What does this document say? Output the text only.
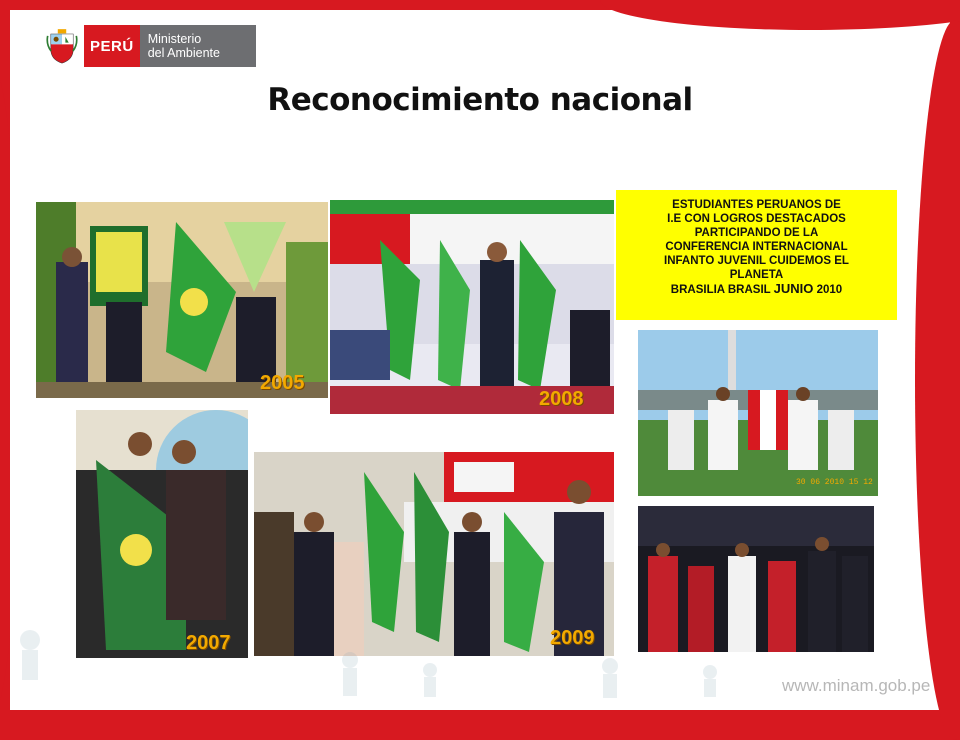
PERÚ Ministerio
del Ambiente
Reconocimiento nacional
2005
2008
ESTUDIANTES PERUANOS DE
I.E CON LOGROS DESTACADOS
PARTICIPANDO DE LA
CONFERENCIA INTERNACIONAL
INFANTO JUVENIL CUIDEMOS EL
PLANETA
BRASILIA BRASIL JUNIO 2010
30 06 2010 15 12
2007	2009
www.minam.gob.pe
